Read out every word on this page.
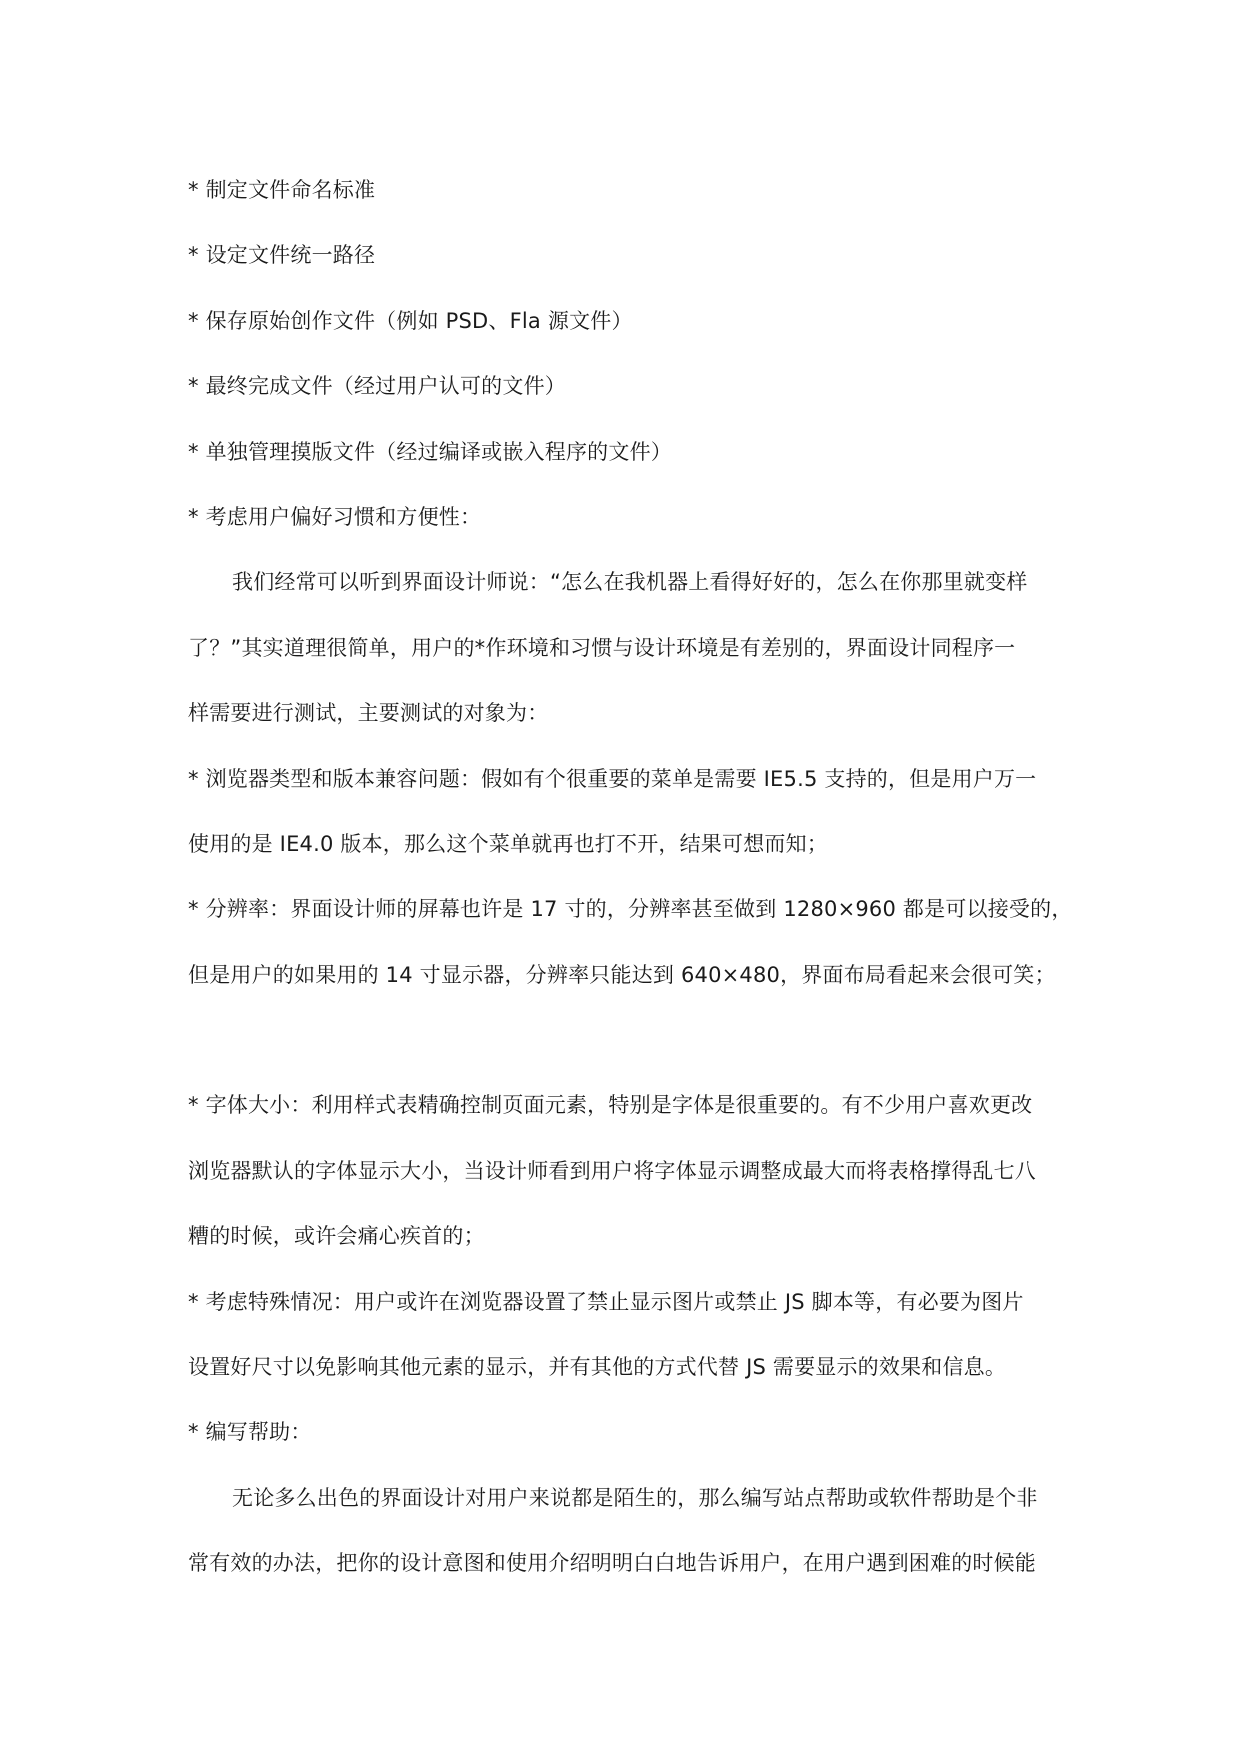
* 制定文件命名标准
* 设定文件统一路径
* 保存原始创作文件（例如 PSD、Fla 源文件）
* 最终完成文件（经过用户认可的文件）
* 单独管理摸版文件（经过编译或嵌入程序的文件）
* 考虑用户偏好习惯和方便性：
我们经常可以听到界面设计师说：“怎么在我机器上看得好好的，怎么在你那里就变样
了？”其实道理很简单，用户的*作环境和习惯与设计环境是有差别的，界面设计同程序一
样需要进行测试，主要测试的对象为：
* 浏览器类型和版本兼容问题：假如有个很重要的菜单是需要 IE5.5 支持的，但是用户万一
使用的是 IE4.0 版本，那么这个菜单就再也打不开，结果可想而知；
* 分辨率：界面设计师的屏幕也许是 17 寸的，分辨率甚至做到 1280×960 都是可以接受的，
但是用户的如果用的 14 寸显示器，分辨率只能达到 640×480，界面布局看起来会很可笑；
* 字体大小：利用样式表精确控制页面元素，特别是字体是很重要的。有不少用户喜欢更改
浏览器默认的字体显示大小，当设计师看到用户将字体显示调整成最大而将表格撑得乱七八
糟的时候，或许会痛心疾首的；
* 考虑特殊情况：用户或许在浏览器设置了禁止显示图片或禁止 JS 脚本等，有必要为图片
设置好尺寸以免影响其他元素的显示，并有其他的方式代替 JS 需要显示的效果和信息。
* 编写帮助：
无论多么出色的界面设计对用户来说都是陌生的，那么编写站点帮助或软件帮助是个非
常有效的办法，把你的设计意图和使用介绍明明白白地告诉用户，在用户遇到困难的时候能
